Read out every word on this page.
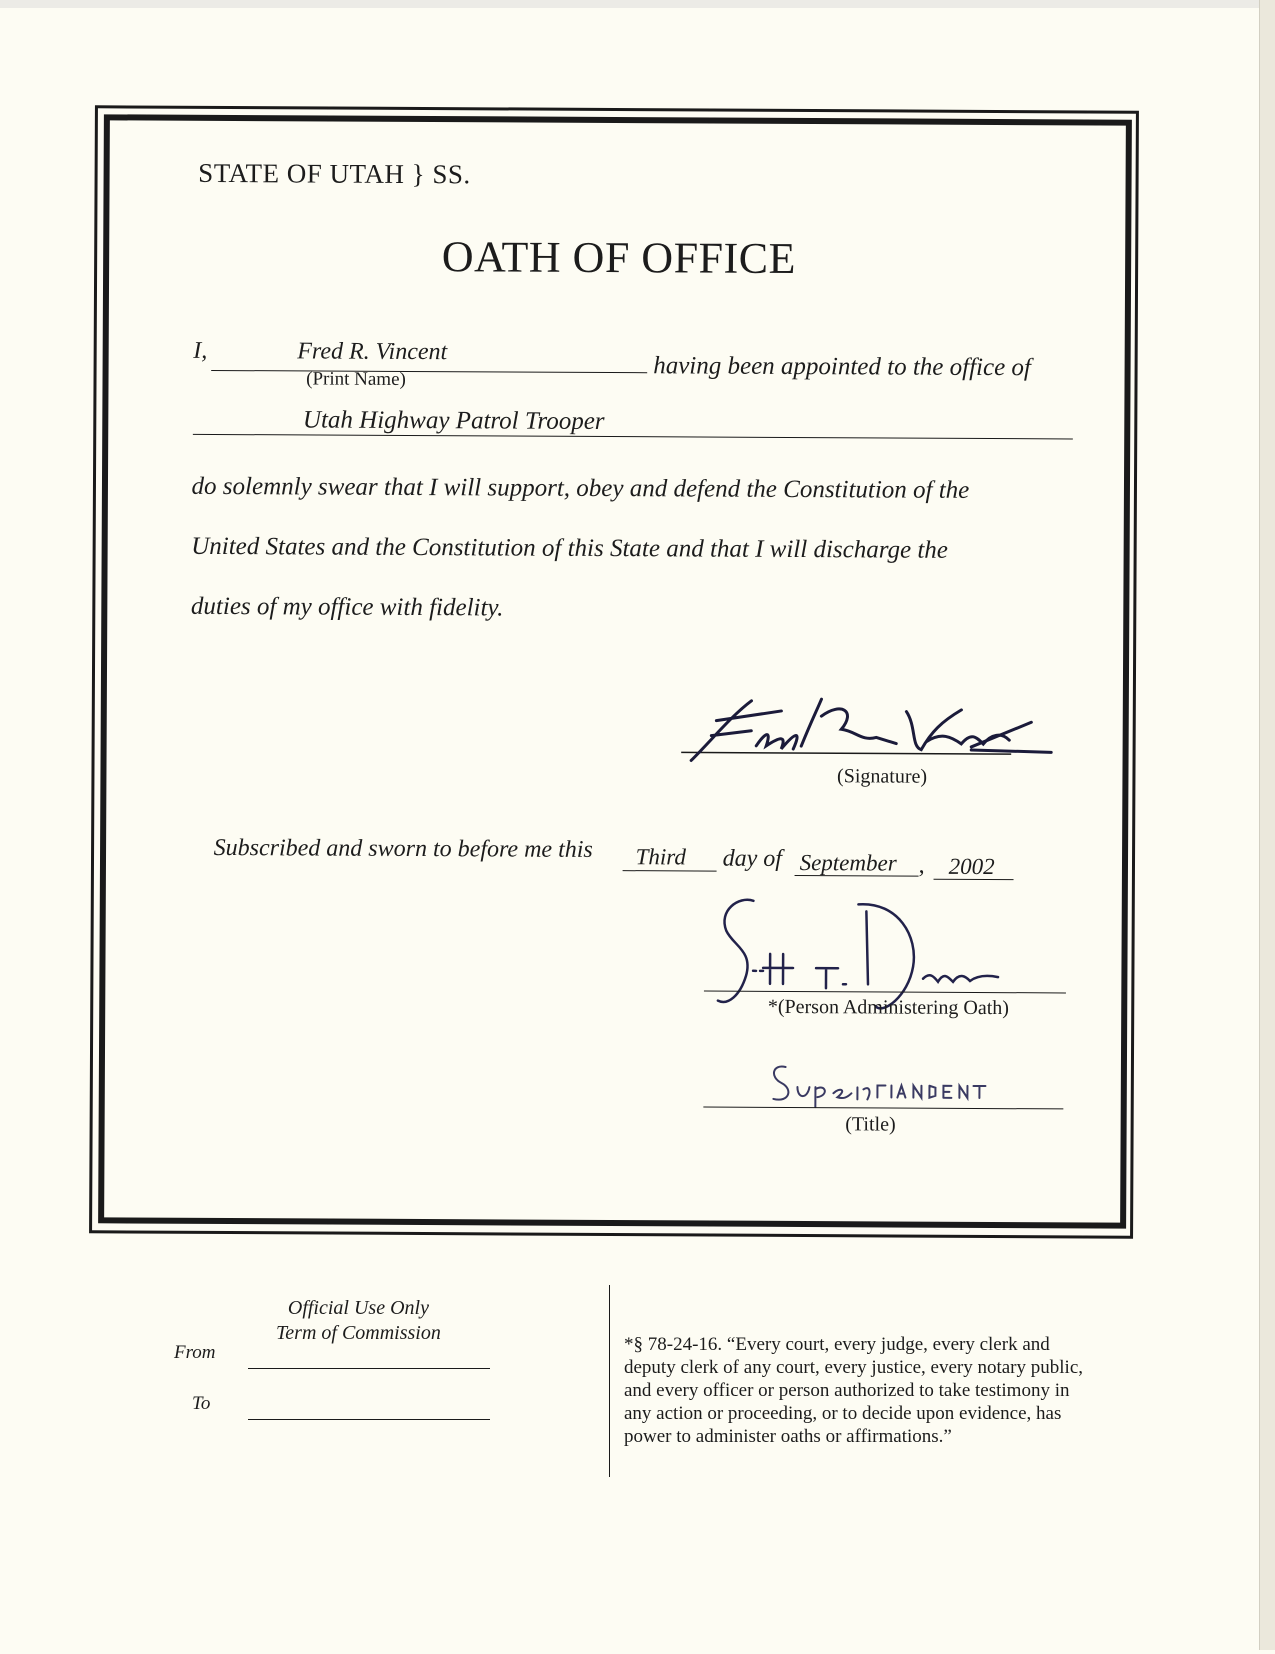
STATE OF UTAH } SS.
OATH OF OFFICE
I,	Fred R. Vincent
(Print Name)	having been appointed to the office of
Utah Highway Patrol Trooper
do solemnly swear that I will support, obey and defend the Constitution of the
United States and the Constitution of this State and that I will discharge the
duties of my office with fidelity.
(Signature)
Subscribed and sworn to before me this Third day of September , 2002
*(Person Administering Oath)
(Title)
Official Use Only
Term of Commission
From
To
*§ 78-24-16. “Every court, every judge, every clerk and deputy clerk of any court, every justice, every notary public, and every officer or person authorized to take testimony in any action or proceeding, or to decide upon evidence, has power to administer oaths or affirmations.”
